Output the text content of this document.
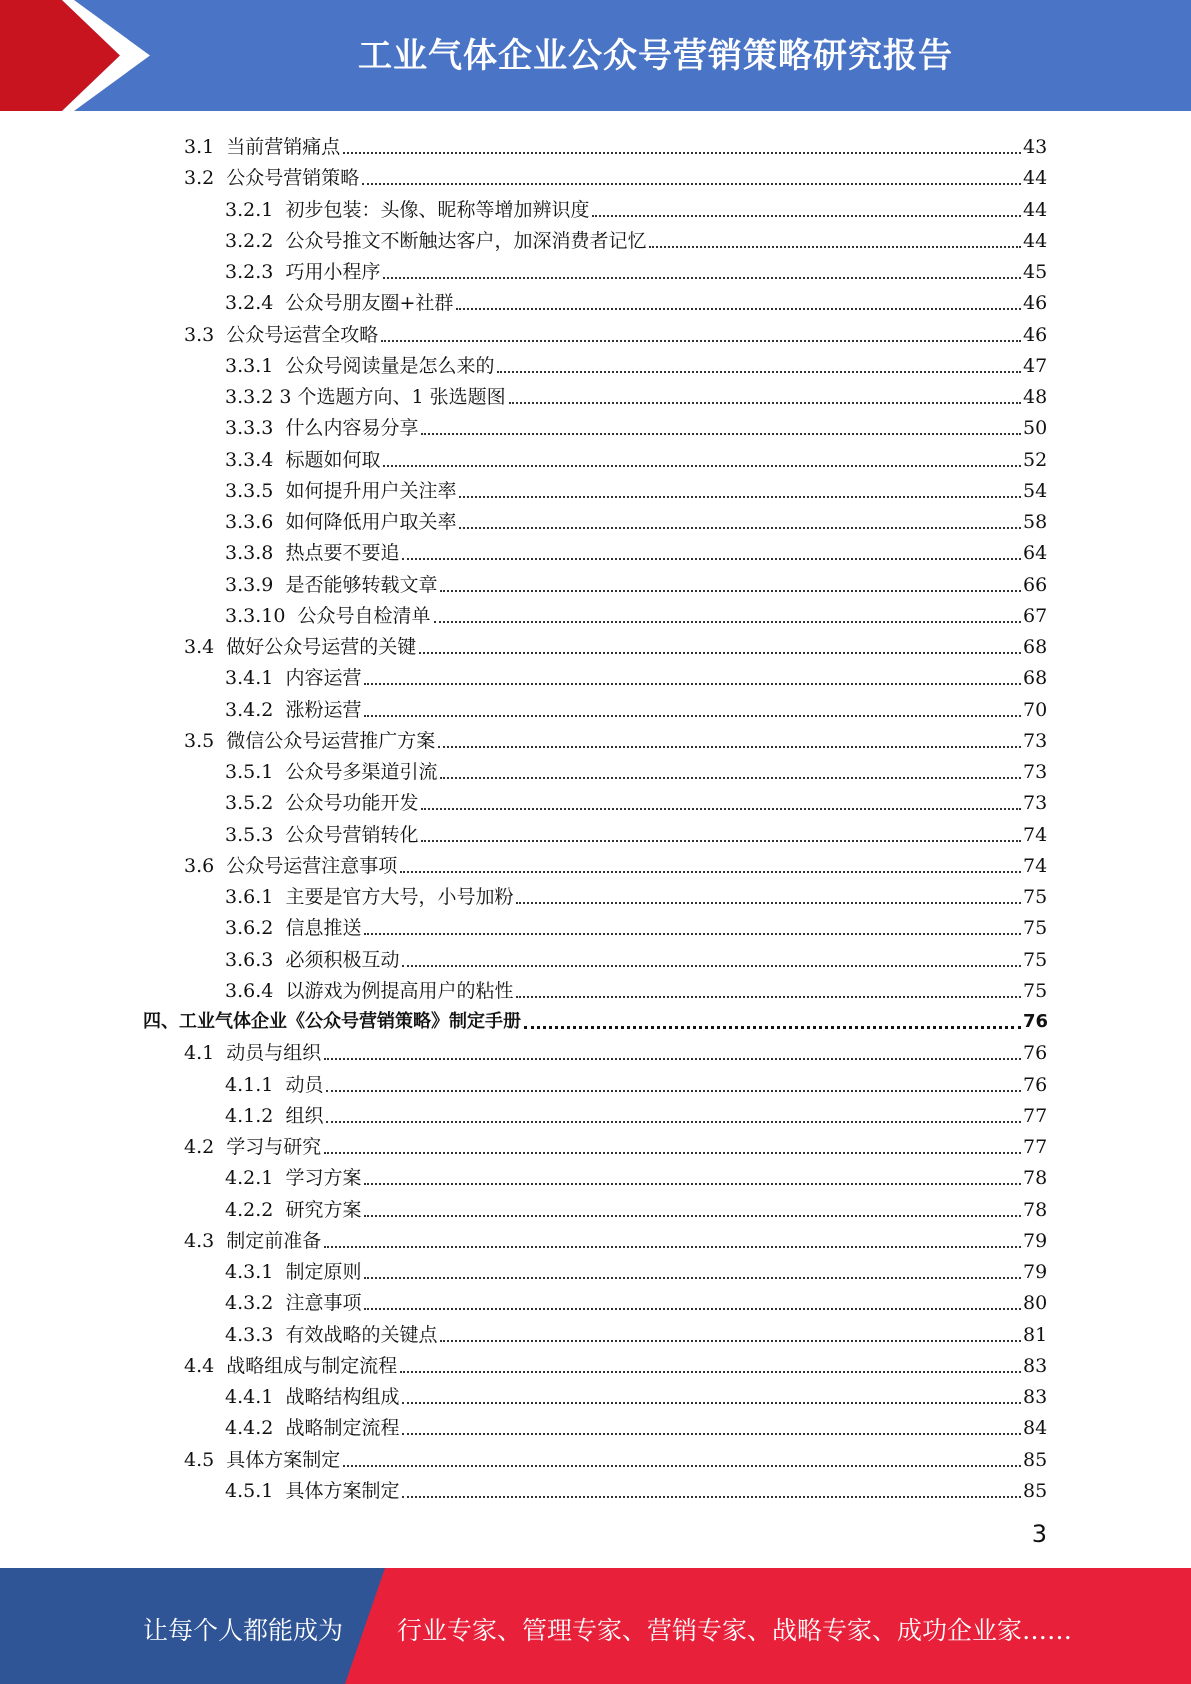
工业气体企业公众号营销策略研究报告
3.1 当前营销痛点	43
3.2 公众号营销策略	44
3.2.1 初步包装：头像、昵称等增加辨识度	44
3.2.2 公众号推文不断触达客户，加深消费者记忆	44
3.2.3 巧用小程序	45
3.2.4 公众号朋友圈+社群	46
3.3 公众号运营全攻略	46
3.3.1 公众号阅读量是怎么来的	47
3.3.2 3 个选题方向、1 张选题图	48
3.3.3 什么内容易分享	50
3.3.4 标题如何取	52
3.3.5 如何提升用户关注率	54
3.3.6 如何降低用户取关率	58
3.3.8 热点要不要追	64
3.3.9 是否能够转载文章	66
3.3.10 公众号自检清单	67
3.4 做好公众号运营的关键	68
3.4.1 内容运营	68
3.4.2 涨粉运营	70
3.5 微信公众号运营推广方案	73
3.5.1 公众号多渠道引流	73
3.5.2 公众号功能开发	73
3.5.3 公众号营销转化	74
3.6 公众号运营注意事项	74
3.6.1 主要是官方大号，小号加粉	75
3.6.2 信息推送	75
3.6.3 必须积极互动	75
3.6.4 以游戏为例提高用户的粘性	75
四、工业气体企业《公众号营销策略》制定手册	76
4.1 动员与组织	76
4.1.1 动员	76
4.1.2 组织	77
4.2 学习与研究	77
4.2.1 学习方案	78
4.2.2 研究方案	78
4.3 制定前准备	79
4.3.1 制定原则	79
4.3.2 注意事项	80
4.3.3 有效战略的关键点	81
4.4 战略组成与制定流程	83
4.4.1 战略结构组成	83
4.4.2 战略制定流程	84
4.5 具体方案制定	85
4.5.1 具体方案制定	85
3
让每个人都能成为 行业专家、管理专家、营销专家、战略专家、成功企业家……
